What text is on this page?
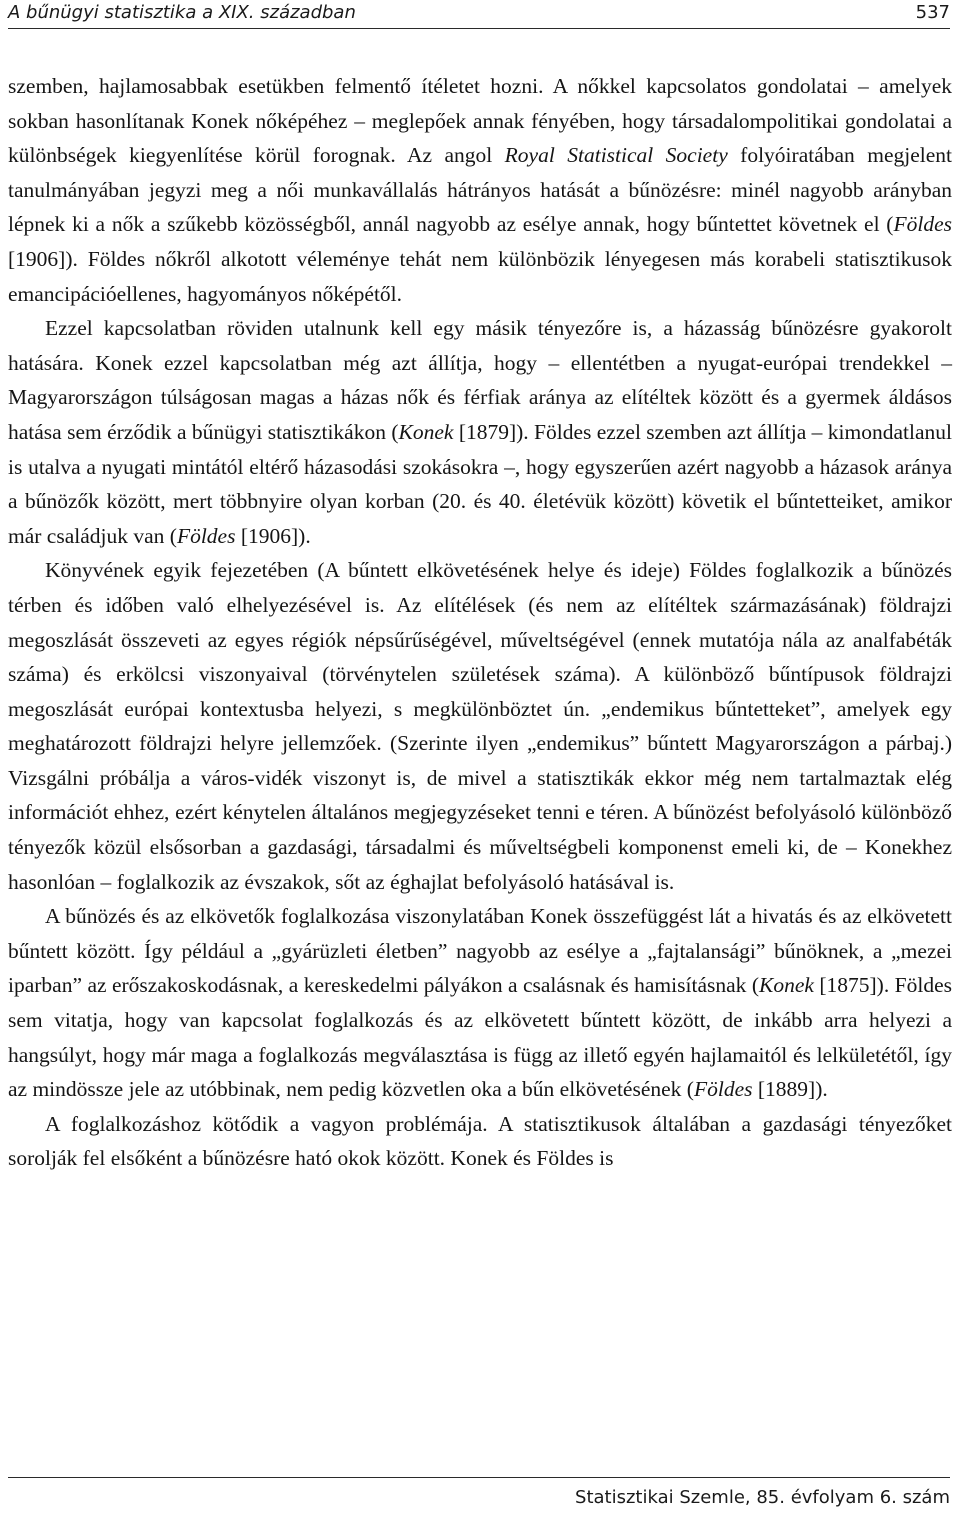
A bűnügyi statisztika a XIX. században	537

szemben, hajlamosabbak esetükben felmentő ítéletet hozni. A nőkkel kapcsolatos gondolatai – amelyek sokban hasonlítanak Konek nőképéhez – meglepőek annak fényében, hogy társadalompolitikai gondolatai a különbségek kiegyenlítése körül forognak. Az angol Royal Statistical Society folyóiratában megjelent tanulmányában jegyzi meg a női munkavállalás hátrányos hatását a bűnözésre: minél nagyobb arányban lépnek ki a nők a szűkebb közösségből, annál nagyobb az esélye annak, hogy bűntettet követnek el (Földes [1906]). Földes nőkről alkotott véleménye tehát nem különbözik lényegesen más korabeli statisztikusok emancipációellenes, hagyományos nőképétől.

Ezzel kapcsolatban röviden utalnunk kell egy másik tényezőre is, a házasság bűnözésre gyakorolt hatására. Konek ezzel kapcsolatban még azt állítja, hogy – ellentétben a nyugat-európai trendekkel – Magyarországon túlságosan magas a házas nők és férfiak aránya az elítéltek között és a gyermek áldásos hatása sem érződik a bűnügyi statisztikákon (Konek [1879]). Földes ezzel szemben azt állítja – kimondatlanul is utalva a nyugati mintától eltérő házasodási szokásokra –, hogy egyszerűen azért nagyobb a házasok aránya a bűnözők között, mert többnyire olyan korban (20. és 40. életévük között) követik el bűntetteiket, amikor már családjuk van (Földes [1906]).

Könyvének egyik fejezetében (A bűntett elkövetésének helye és ideje) Földes foglalkozik a bűnözés térben és időben való elhelyezésével is. Az elítélések (és nem az elítéltek származásának) földrajzi megoszlását összeveti az egyes régiók népsűrűségével, műveltségével (ennek mutatója nála az analfabéták száma) és erkölcsi viszonyaival (törvénytelen születések száma). A különböző bűntípusok földrajzi megoszlását európai kontextusba helyezi, s megkülönböztet ún. „endemikus bűntetteket”, amelyek egy meghatározott földrajzi helyre jellemzőek. (Szerinte ilyen „endemikus” bűntett Magyarországon a párbaj.) Vizsgálni próbálja a város-vidék viszonyt is, de mivel a statisztikák ekkor még nem tartalmaztak elég információt ehhez, ezért kénytelen általános megjegyzéseket tenni e téren. A bűnözést befolyásoló különböző tényezők közül elsősorban a gazdasági, társadalmi és műveltségbeli komponenst emeli ki, de – Konekhez hasonlóan – foglalkozik az évszakok, sőt az éghajlat befolyásoló hatásával is.

A bűnözés és az elkövetők foglalkozása viszonylatában Konek összefüggést lát a hivatás és az elkövetett bűntett között. Így például a „gyárüzleti életben” nagyobb az esélye a „fajtalansági” bűnöknek, a „mezei iparban” az erőszakoskodásnak, a kereskedelmi pályákon a csalásnak és hamisításnak (Konek [1875]). Földes sem vitatja, hogy van kapcsolat foglalkozás és az elkövetett bűntett között, de inkább arra helyezi a hangsúlyt, hogy már maga a foglalkozás megválasztása is függ az illető egyén hajlamaitól és lelkületétől, így az mindössze jele az utóbbinak, nem pedig közvetlen oka a bűn elkövetésének (Földes [1889]).

A foglalkozáshoz kötődik a vagyon problémája. A statisztikusok általában a gazdasági tényezőket sorolják fel elsőként a bűnözésre ható okok között. Konek és Földes is

Statisztikai Szemle, 85. évfolyam 6. szám
